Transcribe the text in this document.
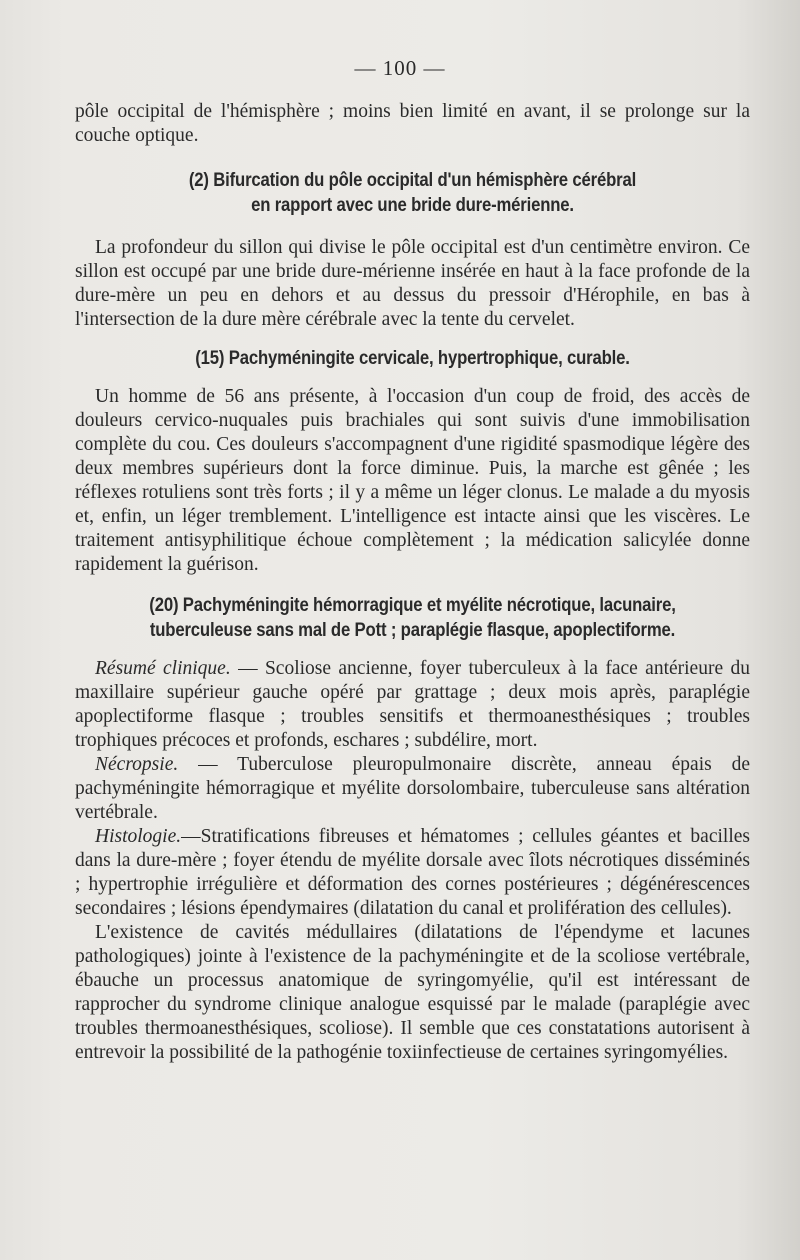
— 100 —

pôle occipital de l'hémisphère ; moins bien limité en avant, il se prolonge sur la couche optique.

(2) Bifurcation du pôle occipital d'un hémisphère cérébral
en rapport avec une bride dure-mérienne.

La profondeur du sillon qui divise le pôle occipital est d'un centimètre environ. Ce sillon est occupé par une bride dure-mérienne insérée en haut à la face profonde de la dure-mère un peu en dehors et au dessus du pressoir d'Hérophile, en bas à l'intersection de la dure mère cérébrale avec la tente du cervelet.

(15) Pachyméningite cervicale, hypertrophique, curable.

Un homme de 56 ans présente, à l'occasion d'un coup de froid, des accès de douleurs cervico-nuquales puis brachiales qui sont suivis d'une immobilisation complète du cou. Ces douleurs s'accompagnent d'une rigidité spasmodique légère des deux membres supérieurs dont la force diminue. Puis, la marche est gênée ; les réflexes rotuliens sont très forts ; il y a même un léger clonus. Le malade a du myosis et, enfin, un léger tremblement. L'intelligence est intacte ainsi que les viscères. Le traitement antisyphilitique échoue complètement ; la médication salicylée donne rapidement la guérison.

(20) Pachyméningite hémorragique et myélite nécrotique, lacunaire,
tuberculeuse sans mal de Pott ; paraplégie flasque, apoplectiforme.

Résumé clinique. — Scoliose ancienne, foyer tuberculeux à la face antérieure du maxillaire supérieur gauche opéré par grattage ; deux mois après, paraplégie apoplectiforme flasque ; troubles sensitifs et thermoanesthésiques ; troubles trophiques précoces et profonds, eschares ; subdélire, mort.

Nécropsie. — Tuberculose pleuropulmonaire discrète, anneau épais de pachyméningite hémorragique et myélite dorsolombaire, tuberculeuse sans altération vertébrale.

Histologie.—Stratifications fibreuses et hématomes ; cellules géantes et bacilles dans la dure-mère ; foyer étendu de myélite dorsale avec îlots nécrotiques disséminés ; hypertrophie irrégulière et déformation des cornes postérieures ; dégénérescences secondaires ; lésions épendymaires (dilatation du canal et prolifération des cellules).

L'existence de cavités médullaires (dilatations de l'épendyme et lacunes pathologiques) jointe à l'existence de la pachyméningite et de la scoliose vertébrale, ébauche un processus anatomique de syringomyélie, qu'il est intéressant de rapprocher du syndrome clinique analogue esquissé par le malade (paraplégie avec troubles thermoanesthésiques, scoliose). Il semble que ces constatations autorisent à entrevoir la possibilité de la pathogénie toxiinfectieuse de certaines syringomyélies.
